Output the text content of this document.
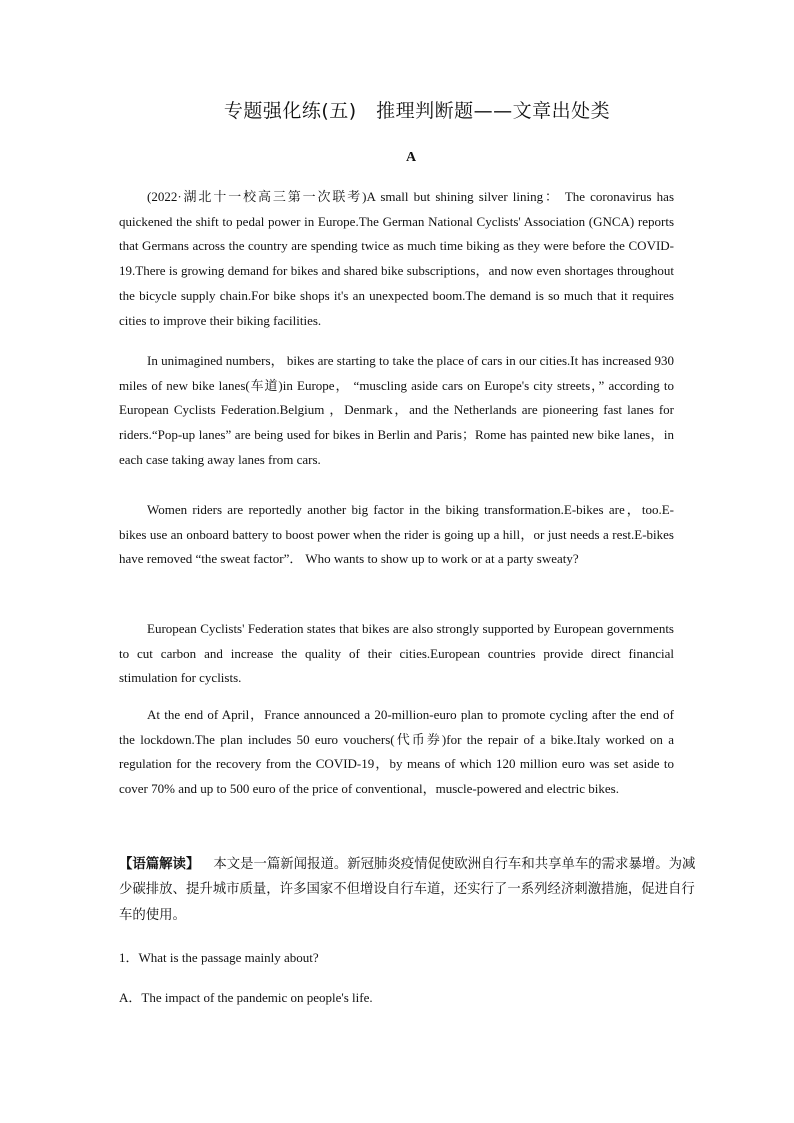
专题强化练(五)　推理判断题——文章出处类
A

(2022·湖北十一校高三第一次联考)A small but shining silver lining： The coronavirus has quickened the shift to pedal power in Europe.The German National Cyclists' Association (GNCA) reports that Germans across the country are spending twice as much time biking as they were before the COVID-19.There is growing demand for bikes and shared bike subscriptions，and now even shortages throughout the bicycle supply chain.For bike shops it's an unexpected boom.The demand is so much that it requires cities to improve their biking facilities.

In unimagined numbers， bikes are starting to take the place of cars in our cities.It has increased 930 miles of new bike lanes(车道)in Europe， “muscling aside cars on Europe's city streets，” according to European Cyclists Federation.Belgium ，Denmark，and the Netherlands are pioneering fast lanes for riders.“Pop-up lanes” are being used for bikes in Berlin and Paris；Rome has painted new bike lanes，in each case taking away lanes from cars.

Women riders are reportedly another big factor in the biking transformation.E-bikes are，too.E-bikes use an onboard battery to boost power when the rider is going up a hill，or just needs a rest.E-bikes have removed “the sweat factor”． Who wants to show up to work or at a party sweaty?

European Cyclists' Federation states that bikes are also strongly supported by European governments to cut carbon and increase the quality of their cities.European countries provide direct financial stimulation for cyclists.

At the end of April，France announced a 20-million-euro plan to promote cycling after the end of the lockdown.The plan includes 50 euro vouchers(代币券)for the repair of a bike.Italy worked on a regulation for the recovery from the COVID-19，by means of which 120 million euro was set aside to cover 70% and up to 500 euro of the price of conventional，muscle-powered and electric bikes.

【语篇解读】 本文是一篇新闻报道。新冠肺炎疫情促使欧洲自行车和共享单车的需求暴增。为减少碳排放、提升城市质量，许多国家不但增设自行车道，还实行了一系列经济刺激措施，促进自行车的使用。

1．What is the passage mainly about?

A．The impact of the pandemic on people's life.
